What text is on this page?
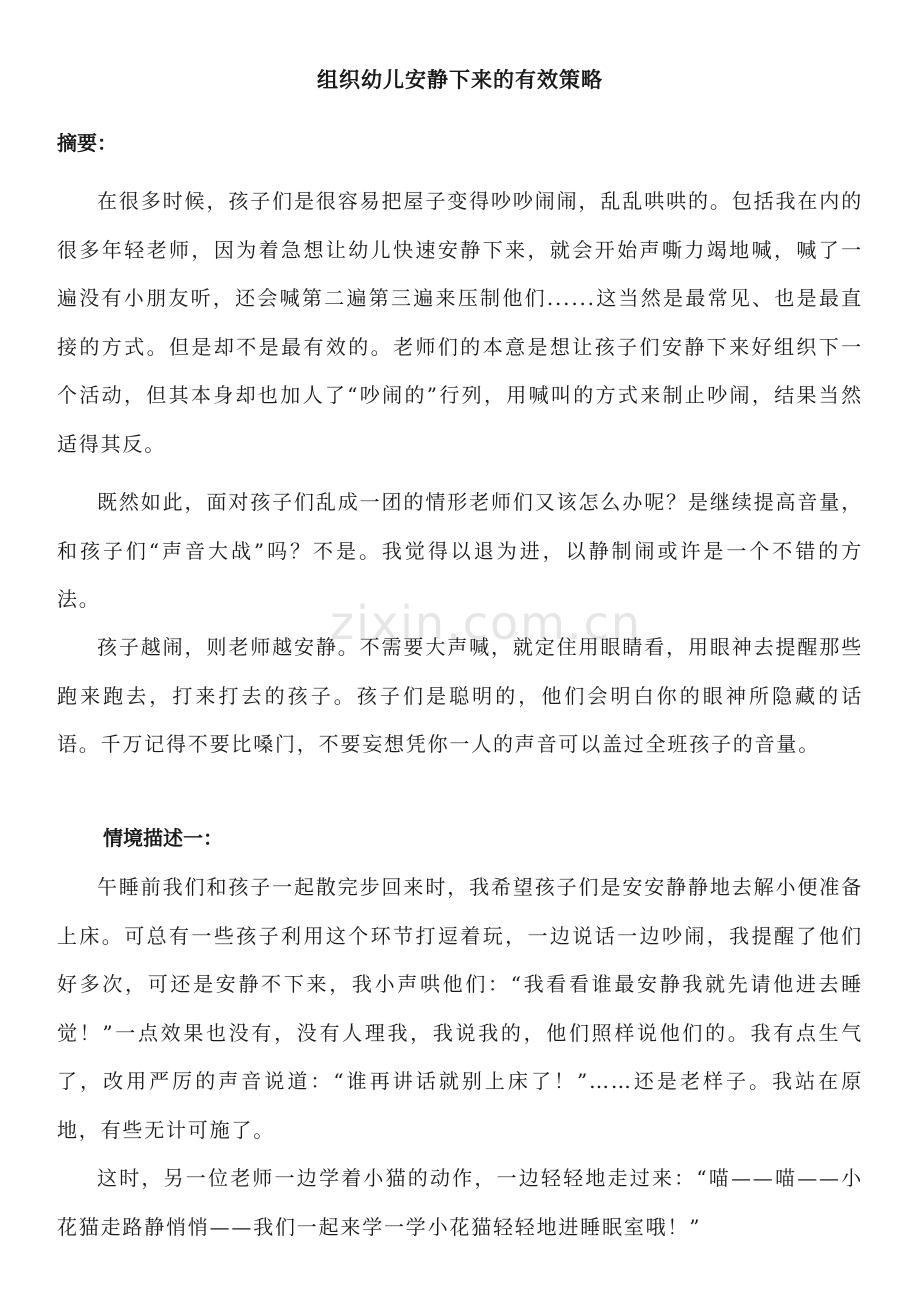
zixin.com.cn
组织幼儿安静下来的有效策略
摘要：

在很多时候，孩子们是很容易把屋子变得吵吵闹闹，乱乱哄哄的。包括我在内的很多年轻老师，因为着急想让幼儿快速安静下来，就会开始声嘶力竭地喊，喊了一遍没有小朋友听，还会喊第二遍第三遍来压制他们......这当然是最常见、也是最直接的方式。但是却不是最有效的。老师们的本意是想让孩子们安静下来好组织下一个活动，但其本身却也加人了“吵闹的”行列，用喊叫的方式来制止吵闹，结果当然适得其反。

既然如此，面对孩子们乱成一团的情形老师们又该怎么办呢？是继续提高音量，和孩子们“声音大战”吗？不是。我觉得以退为进，以静制闹或许是一个不错的方法。

孩子越闹，则老师越安静。不需要大声喊，就定住用眼睛看，用眼神去提醒那些跑来跑去，打来打去的孩子。孩子们是聪明的，他们会明白你的眼神所隐藏的话语。千万记得不要比嗓门，不要妄想凭你一人的声音可以盖过全班孩子的音量。

情境描述一：

午睡前我们和孩子一起散完步回来时，我希望孩子们是安安静静地去解小便准备上床。可总有一些孩子利用这个环节打逗着玩，一边说话一边吵闹，我提醒了他们好多次，可还是安静不下来，我小声哄他们：“我看看谁最安静我就先请他进去睡觉！”一点效果也没有，没有人理我，我说我的，他们照样说他们的。我有点生气了，改用严厉的声音说道：“谁再讲话就别上床了！”……还是老样子。我站在原地，有些无计可施了。

这时，另一位老师一边学着小猫的动作，一边轻轻地走过来：“喵——喵——小花猫走路静悄悄——我们一起来学一学小花猫轻轻地进睡眠室哦！”
